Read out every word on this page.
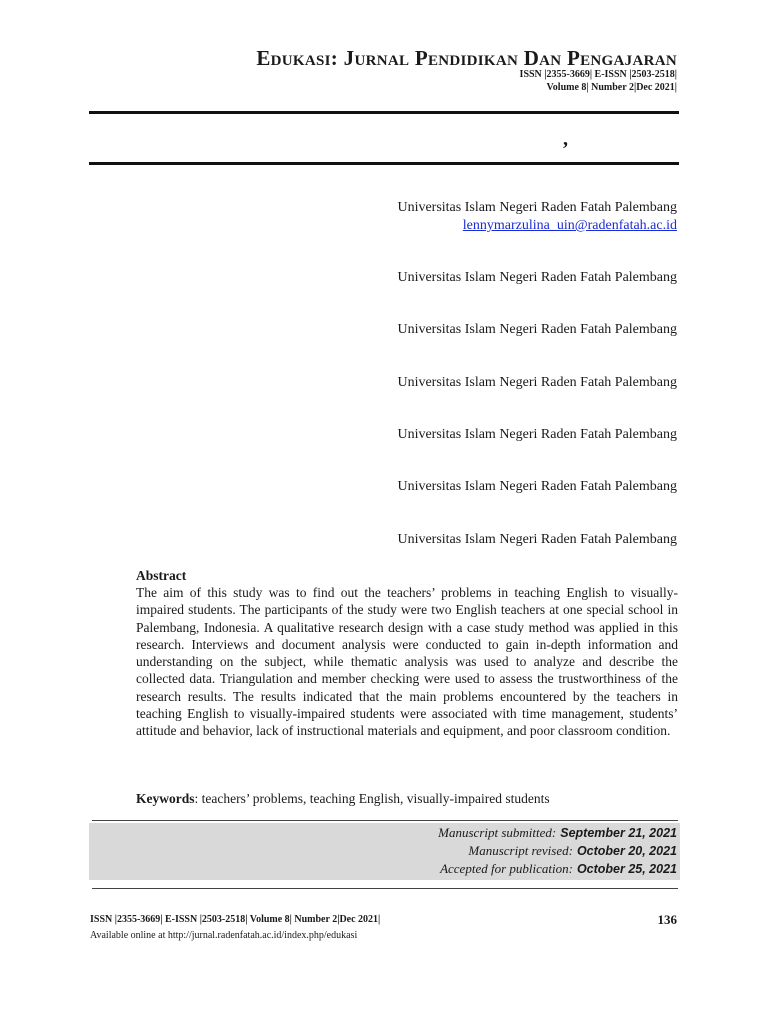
Edukasi: Jurnal Pendidikan Dan Pengajaran
ISSN |2355-3669| E-ISSN |2503-2518|
Volume 8| Number 2|Dec 2021|
,
Universitas Islam Negeri Raden Fatah Palembang
lennymarzulina_uin@radenfatah.ac.id
Universitas Islam Negeri Raden Fatah Palembang
Universitas Islam Negeri Raden Fatah Palembang
Universitas Islam Negeri Raden Fatah Palembang
Universitas Islam Negeri Raden Fatah Palembang
Universitas Islam Negeri Raden Fatah Palembang
Universitas Islam Negeri Raden Fatah Palembang
Abstract

The aim of this study was to find out the teachers’ problems in teaching English to visually-impaired students. The participants of the study were two English teachers at one special school in Palembang, Indonesia. A qualitative research design with a case study method was applied in this research. Interviews and document analysis were conducted to gain in-depth information and understanding on the subject, while thematic analysis was used to analyze and describe the collected data. Triangulation and member checking were used to assess the trustworthiness of the research results. The results indicated that the main problems encountered by the teachers in teaching English to visually-impaired students were associated with time management, students’ attitude and behavior, lack of instructional materials and equipment, and poor classroom condition.

Keywords: teachers’ problems, teaching English, visually-impaired students
Manuscript submitted: September 21, 2021
Manuscript revised: October 20, 2021
Accepted for publication: October 25, 2021
ISSN |2355-3669| E-ISSN |2503-2518| Volume 8| Number 2|Dec 2021|
Available online at http://jurnal.radenfatah.ac.id/index.php/edukasi
136
